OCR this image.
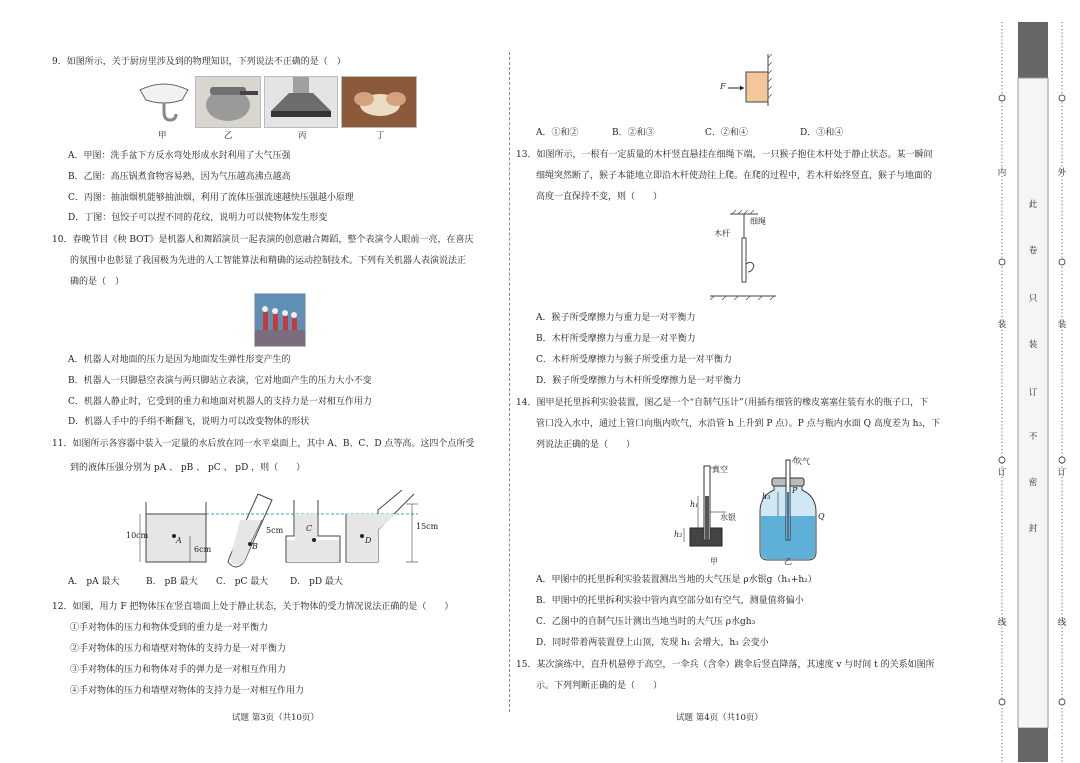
9．如图所示，关于厨房里涉及到的物理知识，下列说法不正确的是（　）
甲	乙	丙	丁
A．甲图：洗手盆下方反水弯处形成水封利用了大气压强
B．乙图：高压锅煮食物容易熟，因为气压越高沸点越高
C．丙图：抽油烟机能够抽油烟，利用了流体压强流速越快压强越小原理
D．丁图：包饺子可以捏不同的花纹，说明力可以使物体发生形变
10．春晚节目《秧 BOT》是机器人和舞蹈演员一起表演的创意融合舞蹈，整个表演令人眼前一亮，在喜庆
的氛围中也彰显了我国极为先进的人工智能算法和精确的运动控制技术。下列有关机器人表演说法正
确的是（　）
A．机器人对地面的压力是因为地面发生弹性形变产生的
B．机器人一只脚悬空表演与两只脚站立表演，它对地面产生的压力大小不变
C．机器人静止时，它受到的重力和地面对机器人的支持力是一对相互作用力
D．机器人手中的手绢不断翻飞，说明力可以改变物体的形状
11．如图所示各容器中装入一定量的水后放在同一水平桌面上，其中 A、B、C、D 点等高。这四个点所受
到的液体压强分别为 pA 、 pB 、 pC 、 pD ，则（　　）
10cm
6cm
5cm	15cm
A
B
C
D
A． pA 最大	B． pB 最大 C． pC 最大 D． pD 最大
12．如图，用力 F 把物体压在竖直墙面上处于静止状态，关于物体的受力情况说法正确的是（　　）
①手对物体的压力和物体受到的重力是一对平衡力
②手对物体的压力和墙壁对物体的支持力是一对平衡力
③手对物体的压力和物体对手的弹力是一对相互作用力
④手对物体的压力和墙壁对物体的支持力是一对相互作用力
试题 第3页（共10页）
F
A．①和②	B．②和③	C．②和④	D．③和④
13．如图所示，一根有一定质量的木杆竖直悬挂在细绳下端，一只猴子抱住木杆处于静止状态。某一瞬间
细绳突然断了，猴子本能地立即沿木杆使劲往上爬。在爬的过程中，若木杆始终竖直，猴子与地面的
高度一直保持不变，则（　　）
细绳
木杆
A．猴子所受摩擦力与重力是一对平衡力
B．木杆所受摩擦力与重力是一对平衡力
C．木杆所受摩擦力与猴子所受重力是一对平衡力
D．猴子所受摩擦力与木杆所受摩擦力是一对平衡力
14．图甲是托里拆利实验装置，图乙是一个“自制气压计”（用插有细管的橡皮塞塞住装有水的瓶子口，下
管口没入水中，通过上管口向瓶内吹气，水沿管 h 上升到 P 点）。P 点与瓶内水面 Q 高度差为 h₃，下
列说法正确的是（　　）
真空
水银
h₁
h₂
h₃
吹气
P
Q
甲	乙
A．甲图中的托里拆利实验装置测出当地的大气压是 ρ水银g（h₁+h₂）
B．甲图中的托里拆利实验中管内真空部分如有空气，测量值将偏小
C．乙图中的自制气压计测出当地当时的大气压 ρ水gh₃
D．同时带着两装置登上山顶，发现 h₁ 会增大，h₃ 会变小
15．某次演练中，直升机悬停于高空，一伞兵（含伞）跳伞后竖直降落，其速度 v 与时间 t 的关系如图所
示。下列判断正确的是（　　）
试题 第4页（共10页）
内
装
订
线
外
装
订
线
此
卷
只
装
订
不
密
封
